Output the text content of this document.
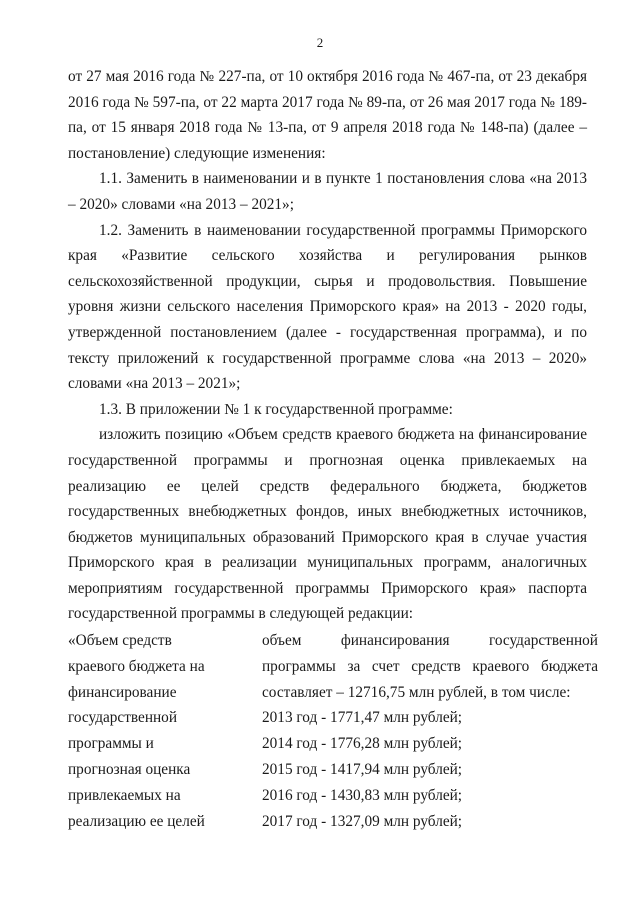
2

от 27 мая 2016 года № 227-па, от 10 октября 2016 года № 467-па, от 23 декабря 2016 года № 597-па, от 22 марта 2017 года № 89-па, от 26 мая 2017 года № 189-па, от 15 января 2018 года № 13-па, от 9 апреля 2018 года № 148-па) (далее – постановление) следующие изменения:

1.1. Заменить в наименовании и в пункте 1 постановления слова «на 2013 – 2020» словами «на 2013 – 2021»;

1.2. Заменить в наименовании государственной программы Приморского края «Развитие сельского хозяйства и регулирования рынков сельскохозяйственной продукции, сырья и продовольствия. Повышение уровня жизни сельского населения Приморского края» на 2013 - 2020 годы, утвержденной постановлением (далее - государственная программа), и по тексту приложений к государственной программе слова «на 2013 – 2020» словами «на 2013 – 2021»;

1.3. В приложении № 1 к государственной программе:

изложить позицию «Объем средств краевого бюджета на финансирование государственной программы и прогнозная оценка привлекаемых на реализацию ее целей средств федерального бюджета, бюджетов государственных внебюджетных фондов, иных внебюджетных источников, бюджетов муниципальных образований Приморского края в случае участия Приморского края в реализации муниципальных программ, аналогичных мероприятиям государственной программы Приморского края» паспорта государственной программы в следующей редакции:

«Объем средств
краевого бюджета на
финансирование
государственной
программы и
прогнозная оценка
привлекаемых на
реализацию ее целей

объем финансирования государственной программы за счет средств краевого бюджета составляет – 12716,75 млн рублей, в том числе:

2013 год - 1771,47 млн рублей;
2014 год - 1776,28 млн рублей;
2015 год - 1417,94 млн рублей;
2016 год - 1430,83 млн рублей;
2017 год - 1327,09 млн рублей;
